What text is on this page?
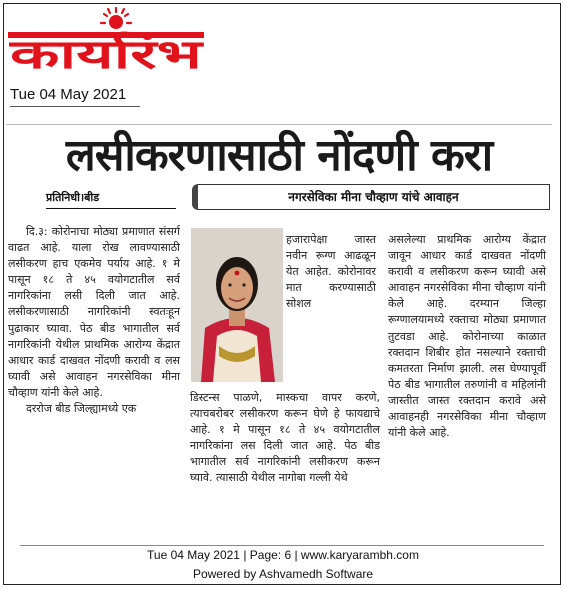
कार्यारंभ
Tue 04 May 2021
लसीकरणासाठी नोंदणी करा
प्रतिनिधी।बीड	नगरसेविका मीना चौव्हाण यांचे आवाहन

दि.३: कोरोनाचा मोठ्या प्रमाणात संसर्ग वाढत आहे. याला रोख लावण्यासाठी लसीकरण हाच एकमेव पर्याय आहे. १ मे पासून १८ ते ४५ वयोगटातील सर्व नागरिकांना लसी दिली जात आहे. लसीकरणासाठी नागरिकांनी स्वतःहून पुढाकार घ्यावा. पेठ बीड भागातील सर्व नागरिकांनी येथील प्राथमिक आरोग्य केंद्रात आधार कार्ड दाखवत नोंदणी करावी व लस घ्यावी असे आवाहन नगरसेविका मीना चौव्हाण यांनी केले आहे.

दररोज बीड जिल्ह्यामध्ये एक

हजारापेक्षा जास्त नवीन रूग्ण आढळून येत आहेत. कोरोनावर मात करण्यासाठी सोशल
डिस्टन्स पाळणे, मास्कचा वापर करणे, त्याचबरोबर लसीकरण करून घेणे हे फायद्याचे आहे. १ मे पासून १८ ते ४५ वयोगटातील नागरिकांना लस दिली जात आहे. पेठ बीड भागातील सर्व नागरिकांनी लसीकरण करून घ्यावे. त्यासाठी येथील नागोबा गल्ली येथे
असलेल्या प्राथमिक आरोग्य केंद्रात जावून आधार कार्ड दाखवत नोंदणी करावी व लसीकरण करून घ्यावी असे आवाहन नगरसेविका मीना चौव्हाण यांनी केले आहे. दरम्यान जिल्हा रूग्णालयामध्ये रक्ताचा मोठ्या प्रमाणात तुटवडा आहे. कोरोनाच्या काळात रक्तदान शिबीर होत नसल्याने रक्ताची कमतरता निर्माण झाली. लस घेण्यापूर्वी पेठ बीड भागातील तरुणांनी व महिलांनी जास्तीत जास्त रक्तदान करावे असे आवाहनही नगरसेविका मीना चौव्हाण यांनी केले आहे.
Tue 04 May 2021 | Page: 6 | www.karyarambh.com
Powered by Ashvamedh Software
